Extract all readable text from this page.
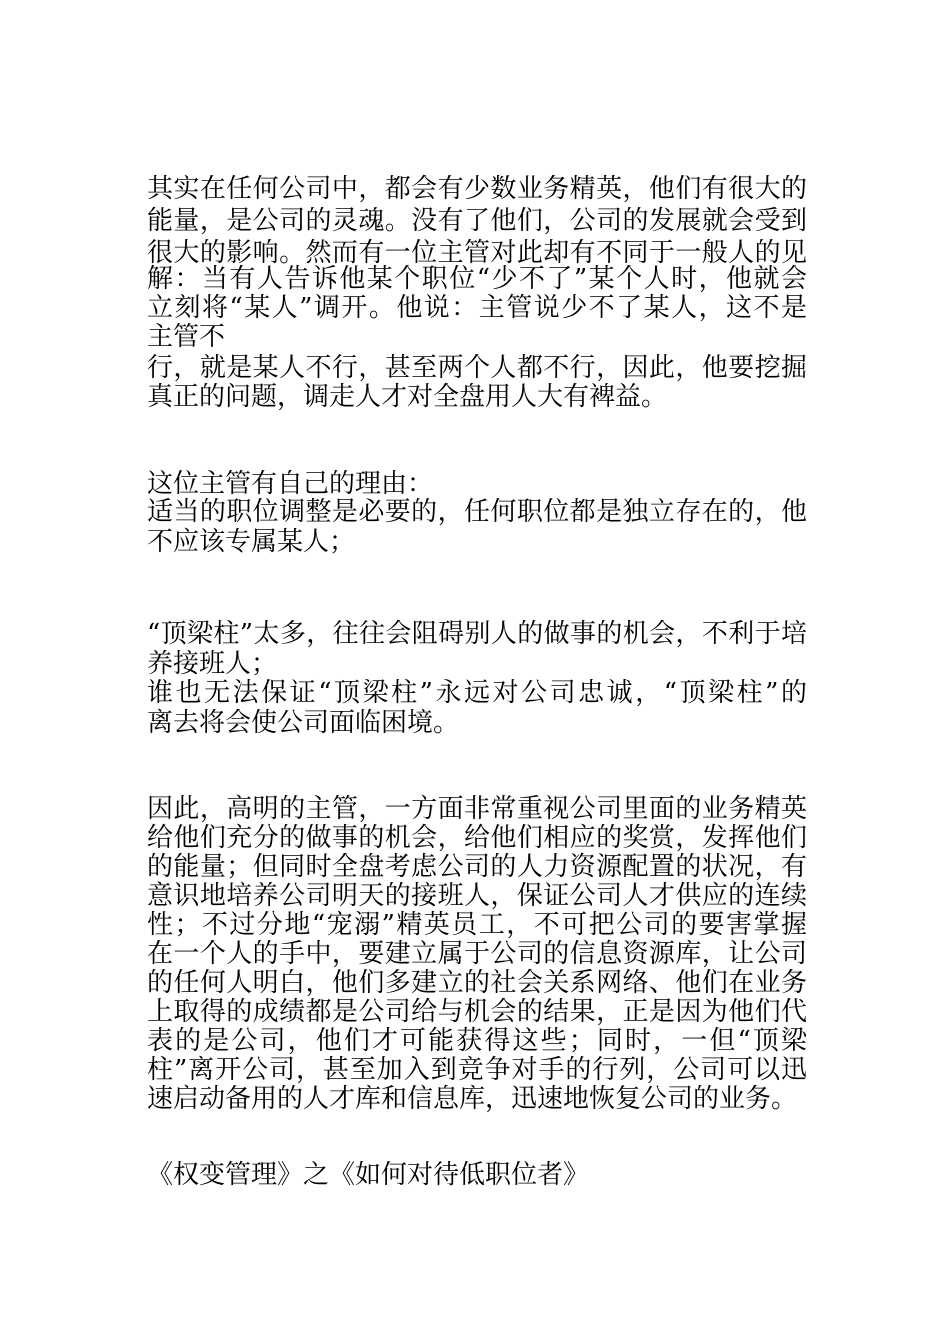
其实在任何公司中，都会有少数业务精英，他们有很大的
能量，是公司的灵魂。没有了他们，公司的发展就会受到
很大的影响。然而有一位主管对此却有不同于一般人的见
解：当有人告诉他某个职位“少不了”某个人时，他就会
立刻将“某人”调开。他说：主管说少不了某人，这不是
主管不
行，就是某人不行，甚至两个人都不行，因此，他要挖掘
真正的问题，调走人才对全盘用人大有裨益。
这位主管有自己的理由：
适当的职位调整是必要的，任何职位都是独立存在的，他
不应该专属某人；
“顶梁柱”太多，往往会阻碍别人的做事的机会，不利于培
养接班人；
谁也无法保证“顶梁柱”永远对公司忠诚，“顶梁柱”的
离去将会使公司面临困境。
因此，高明的主管，一方面非常重视公司里面的业务精英
给他们充分的做事的机会，给他们相应的奖赏，发挥他们
的能量；但同时全盘考虑公司的人力资源配置的状况，有
意识地培养公司明天的接班人，保证公司人才供应的连续
性；不过分地“宠溺”精英员工，不可把公司的要害掌握
在一个人的手中，要建立属于公司的信息资源库，让公司
的任何人明白，他们多建立的社会关系网络、他们在业务
上取得的成绩都是公司给与机会的结果，正是因为他们代
表的是公司，他们才可能获得这些；同时，一但“顶梁
柱”离开公司，甚至加入到竞争对手的行列，公司可以迅
速启动备用的人才库和信息库，迅速地恢复公司的业务。
《权变管理》之《如何对待低职位者》
